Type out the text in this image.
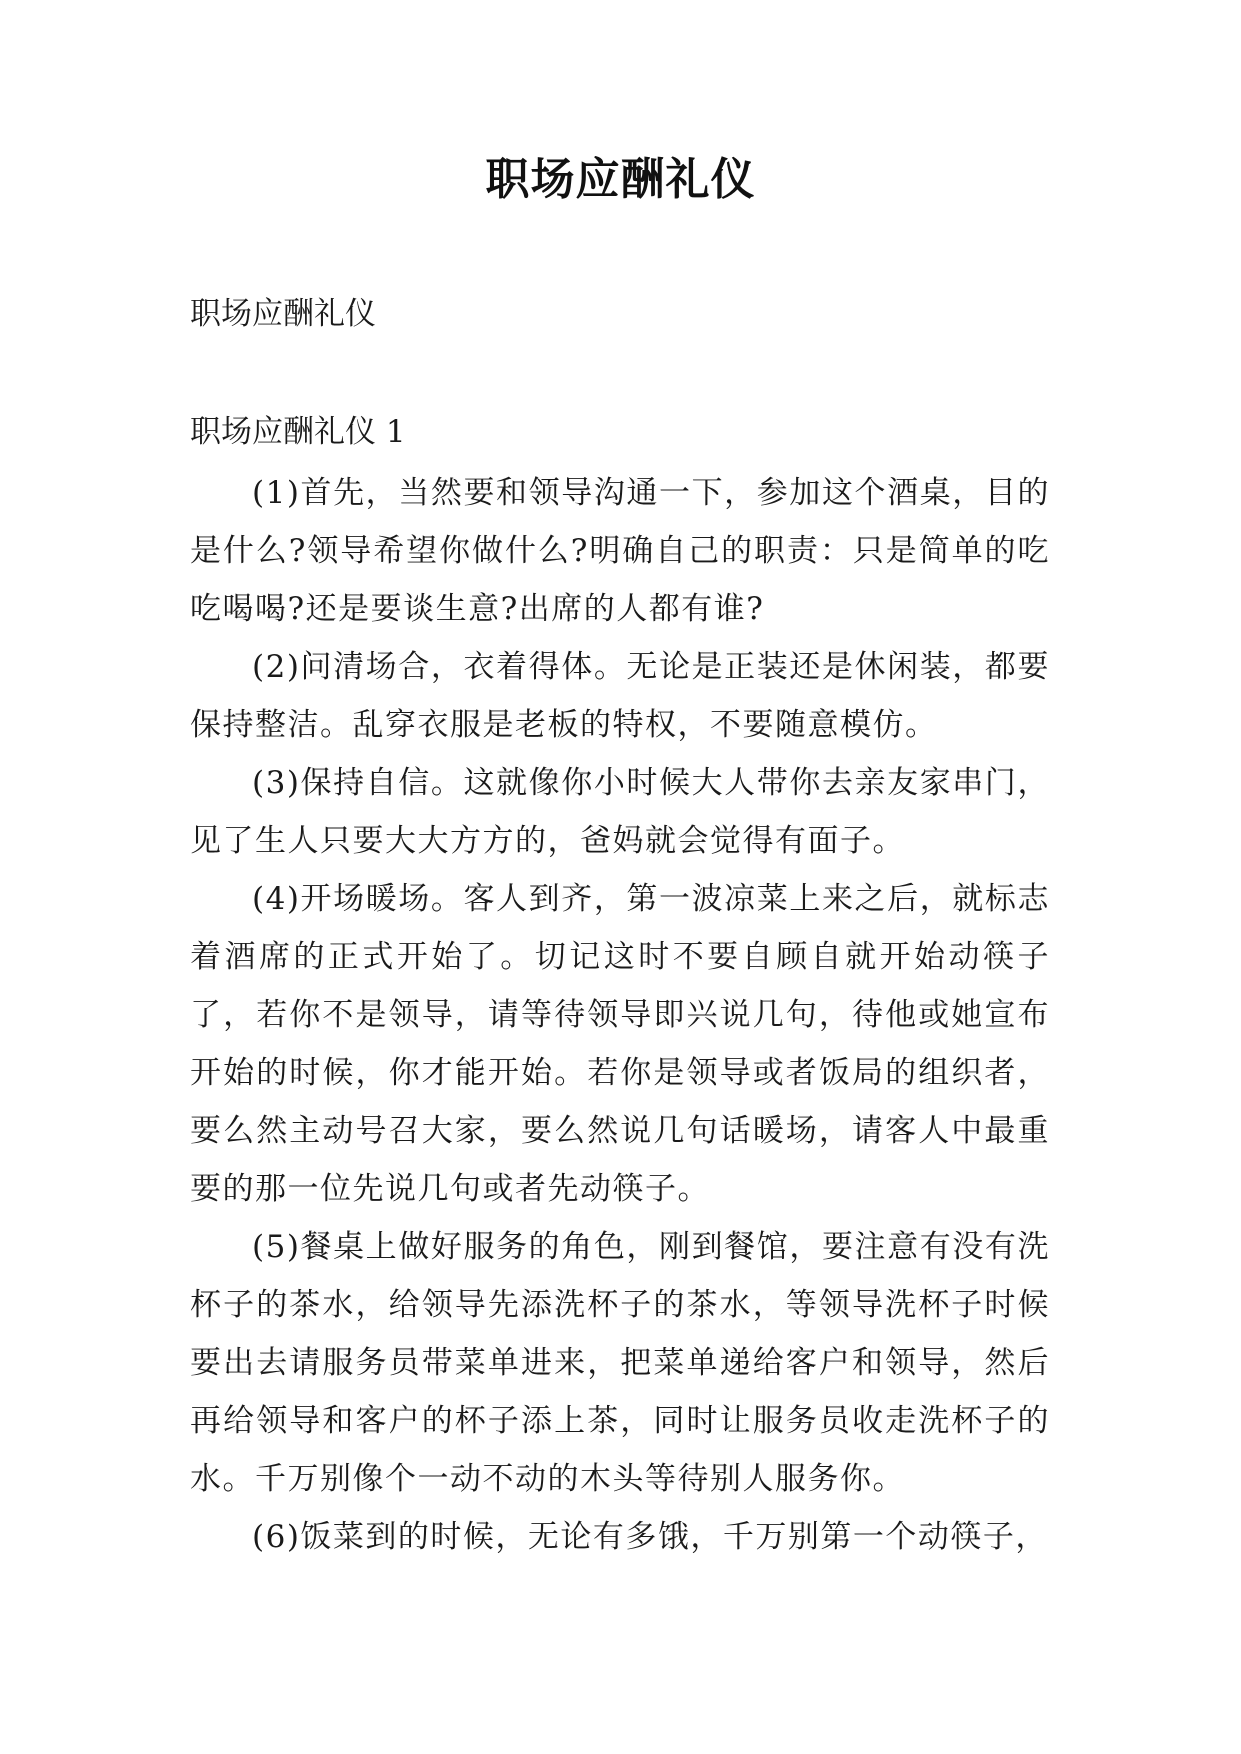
职场应酬礼仪

职场应酬礼仪

职场应酬礼仪 1

(1)首先，当然要和领导沟通一下，参加这个酒桌，目的是什么?领导希望你做什么?明确自己的职责：只是简单的吃吃喝喝?还是要谈生意?出席的人都有谁?

(2)问清场合，衣着得体。无论是正装还是休闲装，都要保持整洁。乱穿衣服是老板的特权，不要随意模仿。

(3)保持自信。这就像你小时候大人带你去亲友家串门，见了生人只要大大方方的，爸妈就会觉得有面子。

(4)开场暖场。客人到齐，第一波凉菜上来之后，就标志着酒席的正式开始了。切记这时不要自顾自就开始动筷子了，若你不是领导，请等待领导即兴说几句，待他或她宣布开始的时候，你才能开始。若你是领导或者饭局的组织者，要么然主动号召大家，要么然说几句话暖场，请客人中最重要的那一位先说几句或者先动筷子。

(5)餐桌上做好服务的角色，刚到餐馆，要注意有没有洗杯子的茶水，给领导先添洗杯子的茶水，等领导洗杯子时候要出去请服务员带菜单进来，把菜单递给客户和领导，然后再给领导和客户的杯子添上茶，同时让服务员收走洗杯子的水。千万别像个一动不动的木头等待别人服务你。

(6)饭菜到的时候，无论有多饿，千万别第一个动筷子，
